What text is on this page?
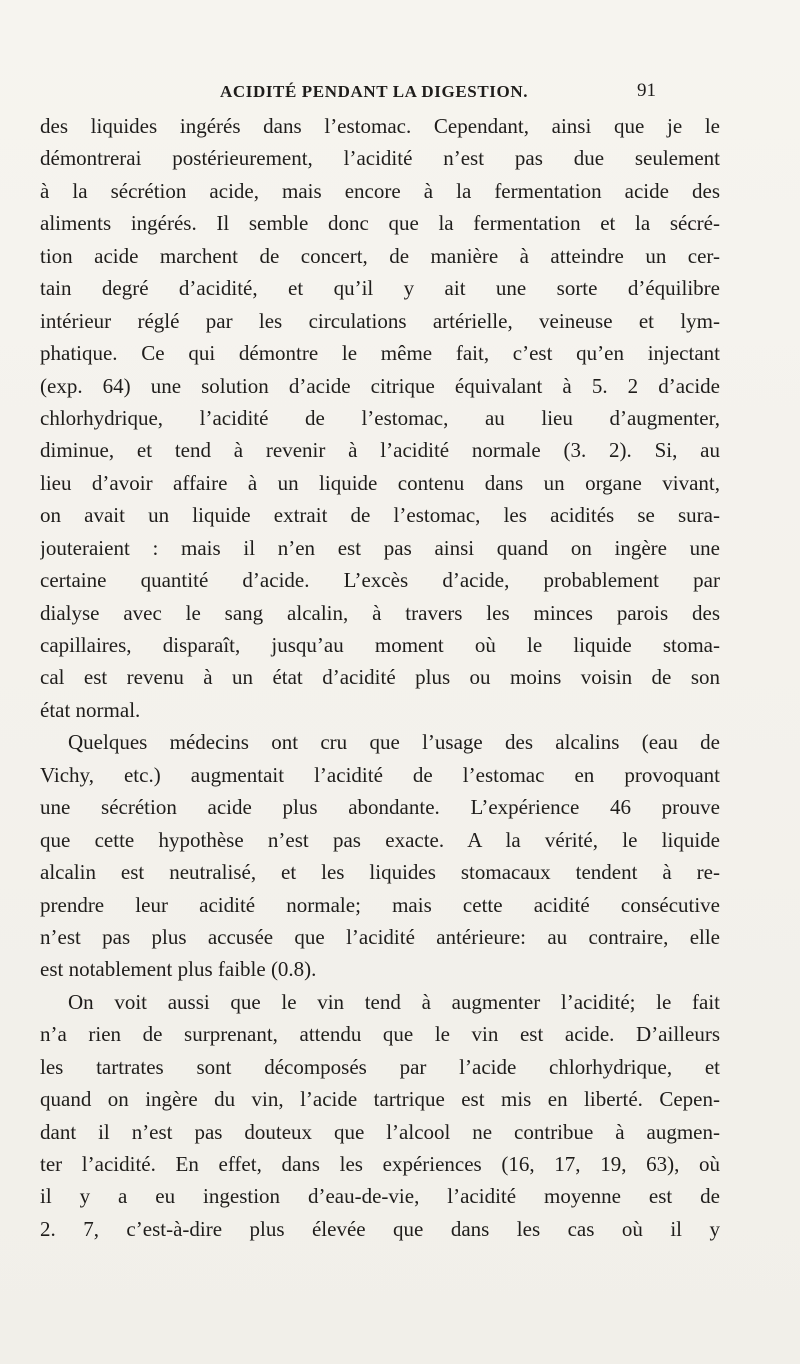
ACIDITÉ PENDANT LA DIGESTION.	91
des liquides ingérés dans l’estomac. Cependant, ainsi que je le
démontrerai postérieurement, l’acidité n’est pas due seulement
à la sécrétion acide, mais encore à la fermentation acide des
aliments ingérés. Il semble donc que la fermentation et la sécré-
tion acide marchent de concert, de manière à atteindre un cer-
tain degré d’acidité, et qu’il y ait une sorte d’équilibre
intérieur réglé par les circulations artérielle, veineuse et lym-
phatique. Ce qui démontre le même fait, c’est qu’en injectant
(exp. 64) une solution d’acide citrique équivalant à 5. 2 d’acide
chlorhydrique, l’acidité de l’estomac, au lieu d’augmenter,
diminue, et tend à revenir à l’acidité normale (3. 2). Si, au
lieu d’avoir affaire à un liquide contenu dans un organe vivant,
on avait un liquide extrait de l’estomac, les acidités se sura-
jouteraient : mais il n’en est pas ainsi quand on ingère une
certaine quantité d’acide. L’excès d’acide, probablement par
dialyse avec le sang alcalin, à travers les minces parois des
capillaires, disparaît, jusqu’au moment où le liquide stoma-
cal est revenu à un état d’acidité plus ou moins voisin de son
état normal.
Quelques médecins ont cru que l’usage des alcalins (eau de
Vichy, etc.) augmentait l’acidité de l’estomac en provoquant
une sécrétion acide plus abondante. L’expérience 46 prouve
que cette hypothèse n’est pas exacte. A la vérité, le liquide
alcalin est neutralisé, et les liquides stomacaux tendent à re-
prendre leur acidité normale; mais cette acidité consécutive
n’est pas plus accusée que l’acidité antérieure: au contraire, elle
est notablement plus faible (0.8).
On voit aussi que le vin tend à augmenter l’acidité; le fait
n’a rien de surprenant, attendu que le vin est acide. D’ailleurs
les tartrates sont décomposés par l’acide chlorhydrique, et
quand on ingère du vin, l’acide tartrique est mis en liberté. Cepen-
dant il n’est pas douteux que l’alcool ne contribue à augmen-
ter l’acidité. En effet, dans les expériences (16, 17, 19, 63), où
il y a eu ingestion d’eau-de-vie, l’acidité moyenne est de
2. 7, c’est-à-dire plus élevée que dans les cas où il y
